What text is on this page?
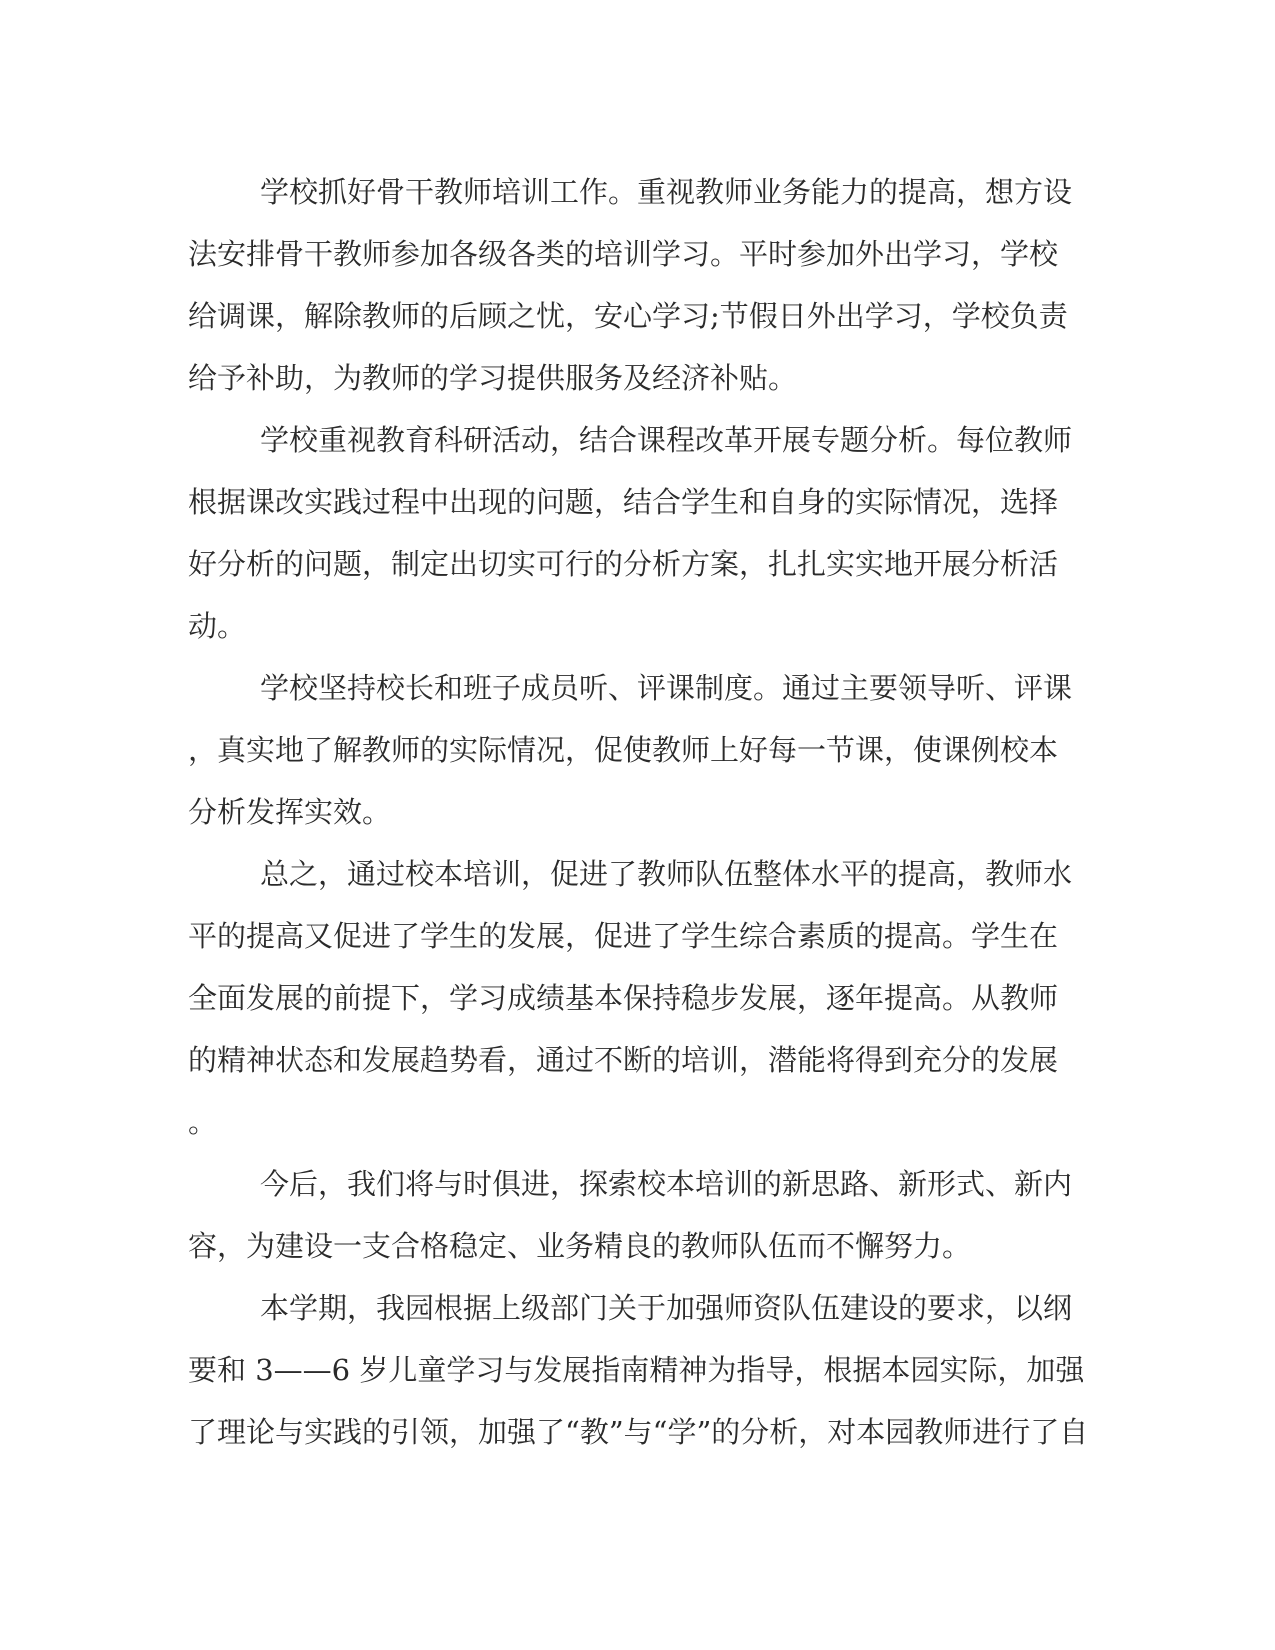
学校抓好骨干教师培训工作。重视教师业务能力的提高，想方设
法安排骨干教师参加各级各类的培训学习。平时参加外出学习，学校
给调课，解除教师的后顾之忧，安心学习;节假日外出学习，学校负责
给予补助，为教师的学习提供服务及经济补贴。
学校重视教育科研活动，结合课程改革开展专题分析。每位教师
根据课改实践过程中出现的问题，结合学生和自身的实际情况，选择
好分析的问题，制定出切实可行的分析方案，扎扎实实地开展分析活
动。
学校坚持校长和班子成员听、评课制度。通过主要领导听、评课
，真实地了解教师的实际情况，促使教师上好每一节课，使课例校本
分析发挥实效。
总之，通过校本培训，促进了教师队伍整体水平的提高，教师水
平的提高又促进了学生的发展，促进了学生综合素质的提高。学生在
全面发展的前提下，学习成绩基本保持稳步发展，逐年提高。从教师
的精神状态和发展趋势看，通过不断的培训，潜能将得到充分的发展
。
今后，我们将与时俱进，探索校本培训的新思路、新形式、新内
容，为建设一支合格稳定、业务精良的教师队伍而不懈努力。
本学期，我园根据上级部门关于加强师资队伍建设的要求，以纲
要和 3——6 岁儿童学习与发展指南精神为指导，根据本园实际，加强
了理论与实践的引领，加强了“教”与“学”的分析，对本园教师进行了自
